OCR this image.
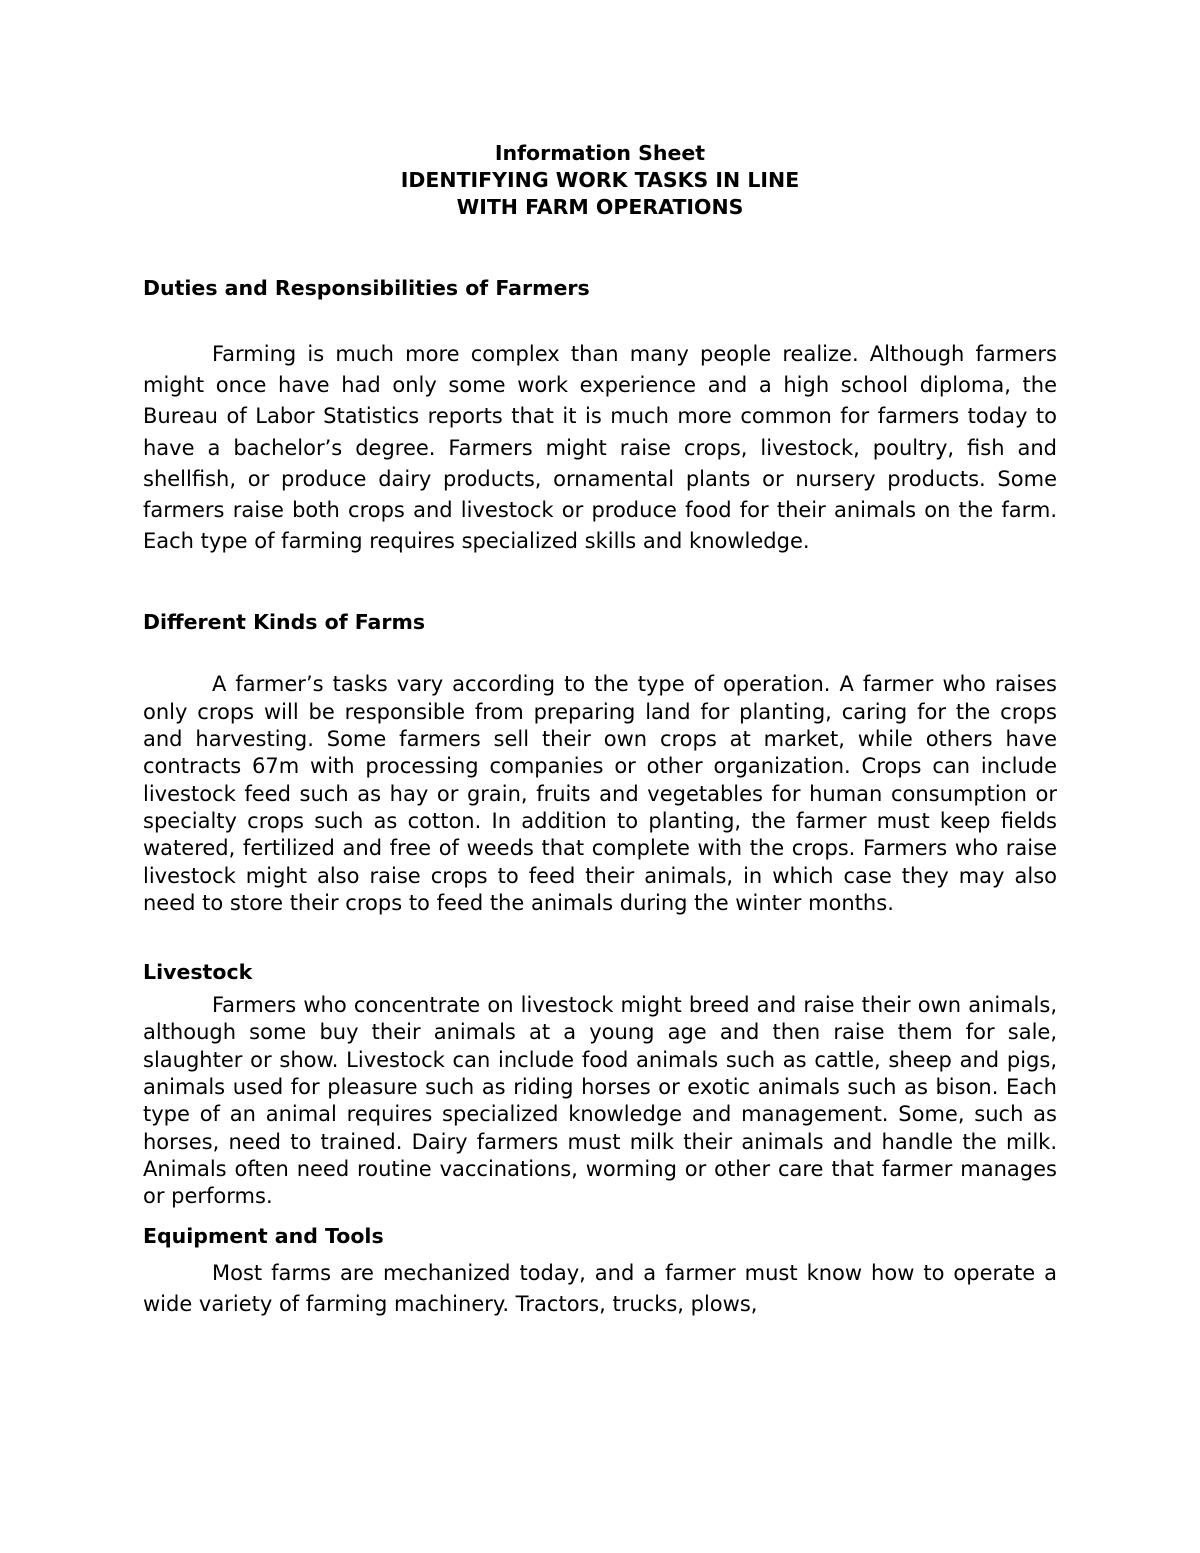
Information Sheet
IDENTIFYING WORK TASKS IN LINE
WITH FARM OPERATIONS
Duties and Responsibilities of Farmers

Farming is much more complex than many people realize. Although farmers might once have had only some work experience and a high school diploma, the Bureau of Labor Statistics reports that it is much more common for farmers today to have a bachelor’s degree. Farmers might raise crops, livestock, poultry, fish and shellfish, or produce dairy products, ornamental plants or nursery products. Some farmers raise both crops and livestock or produce food for their animals on the farm. Each type of farming requires specialized skills and knowledge.

Different Kinds of Farms

A farmer’s tasks vary according to the type of operation. A farmer who raises only crops will be responsible from preparing land for planting, caring for the crops and harvesting. Some farmers sell their own crops at market, while others have contracts 67m with processing companies or other organization. Crops can include livestock feed such as hay or grain, fruits and vegetables for human consumption or specialty crops such as cotton. In addition to planting, the farmer must keep fields watered, fertilized and free of weeds that complete with the crops. Farmers who raise livestock might also raise crops to feed their animals, in which case they may also need to store their crops to feed the animals during the winter months.

Livestock

Farmers who concentrate on livestock might breed and raise their own animals, although some buy their animals at a young age and then raise them for sale, slaughter or show. Livestock can include food animals such as cattle, sheep and pigs, animals used for pleasure such as riding horses or exotic animals such as bison. Each type of an animal requires specialized knowledge and management. Some, such as horses, need to trained. Dairy farmers must milk their animals and handle the milk. Animals often need routine vaccinations, worming or other care that farmer manages or performs.

Equipment and Tools

Most farms are mechanized today, and a farmer must know how to operate a wide variety of farming machinery. Tractors, trucks, plows,
